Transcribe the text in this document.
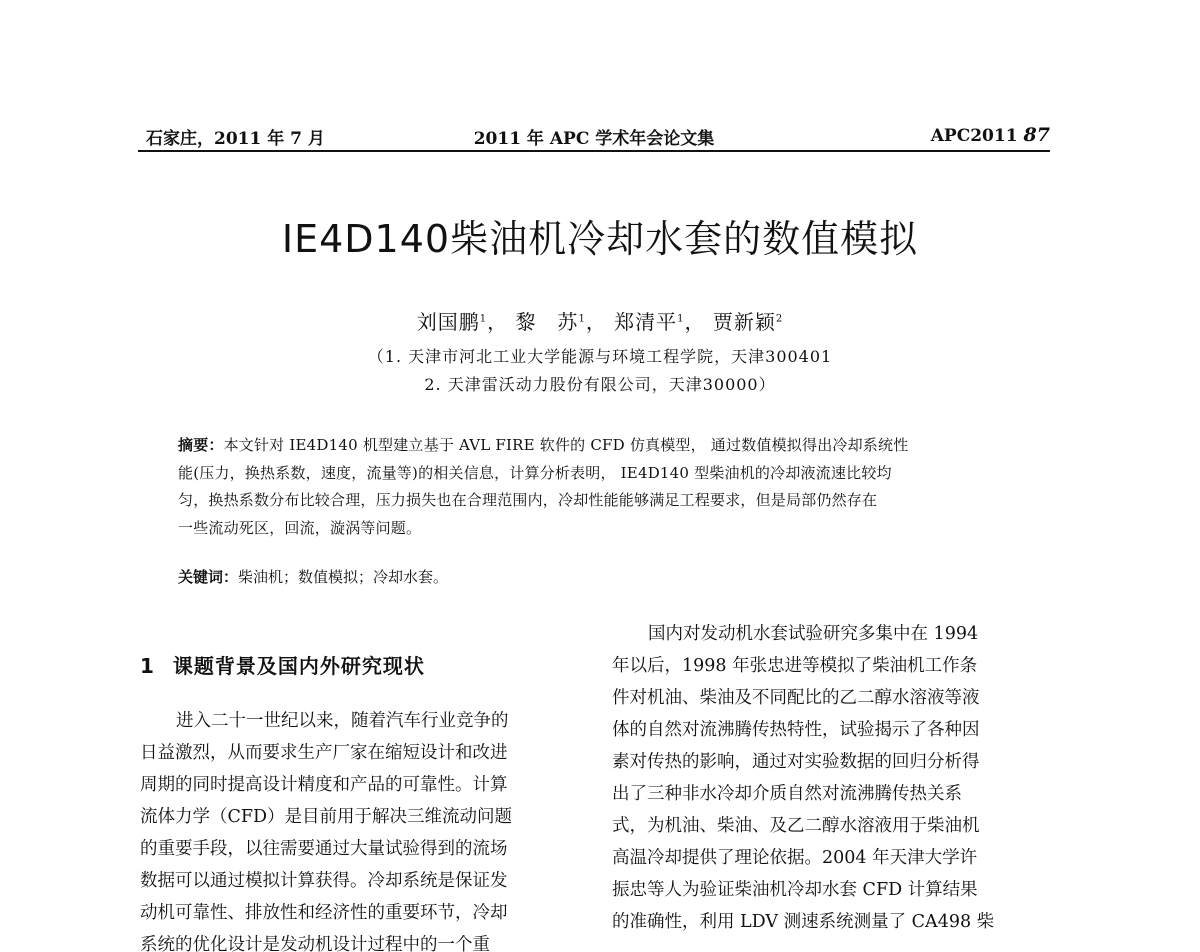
石家庄，2011 年 7 月	2011 年 APC 学术年会论文集	APC2011 87
IE4D140柴油机冷却水套的数值模拟
刘国鹏$^1$， 黎　苏$^1$， 郑清平$^1$， 贾新颖$^2$
（1. 天津市河北工业大学能源与环境工程学院，天津300401
2. 天津雷沃动力股份有限公司，天津30000）
摘要：本文针对 IE4D140 机型建立基于 AVL FIRE 软件的 CFD 仿真模型， 通过数值模拟得出冷却系统性
能(压力，换热系数，速度，流量等)的相关信息，计算分析表明， IE4D140 型柴油机的冷却液流速比较均
匀，换热系数分布比较合理，压力损失也在合理范围内，冷却性能能够满足工程要求，但是局部仍然存在
一些流动死区，回流，漩涡等问题。
关键词：柴油机；数值模拟；冷却水套。
1 课题背景及国内外研究现状
进入二十一世纪以来，随着汽车行业竞争的
日益激烈，从而要求生产厂家在缩短设计和改进
周期的同时提高设计精度和产品的可靠性。计算
流体力学（CFD）是目前用于解决三维流动问题
的重要手段，以往需要通过大量试验得到的流场
数据可以通过模拟计算获得。冷却系统是保证发
动机可靠性、排放性和经济性的重要环节，冷却
系统的优化设计是发动机设计过程中的一个重
国内对发动机水套试验研究多集中在 1994
年以后，1998 年张忠进等模拟了柴油机工作条
件对机油、柴油及不同配比的乙二醇水溶液等液
体的自然对流沸腾传热特性，试验揭示了各种因
素对传热的影响，通过对实验数据的回归分析得
出了三种非水冷却介质自然对流沸腾传热关系
式，为机油、柴油、及乙二醇水溶液用于柴油机
高温冷却提供了理论依据。2004 年天津大学许
振忠等人为验证柴油机冷却水套 CFD 计算结果
的准确性，利用 LDV 测速系统测量了 CA498 柴
